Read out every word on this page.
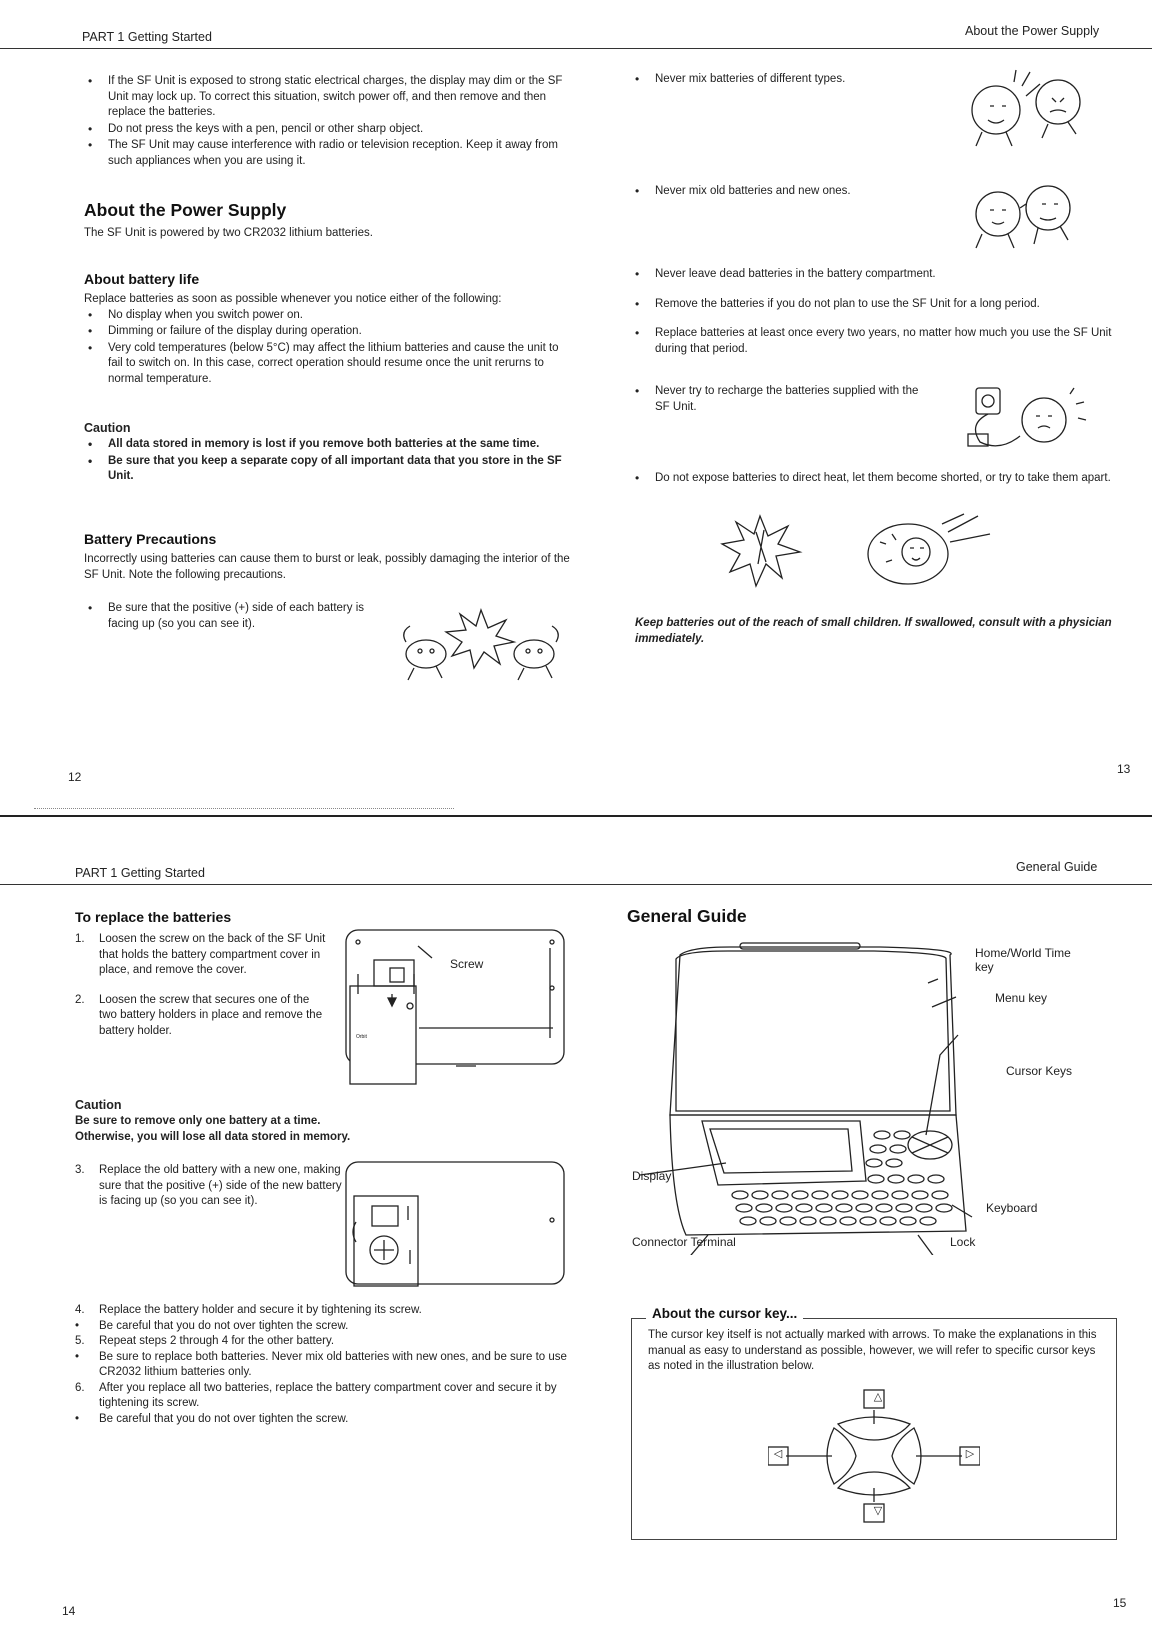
PART 1 Getting Started	About the Power Supply
• If the SF Unit is exposed to strong static electrical charges, the display may dim or the SF Unit may lock up. To correct this situation, switch power off, and then remove and then replace the batteries.
• Do not press the keys with a pen, pencil or other sharp object.
• The SF Unit may cause interference with radio or television reception. Keep it away from such appliances when you are using it.
About the Power Supply
The SF Unit is powered by two CR2032 lithium batteries.
About battery life
Replace batteries as soon as possible whenever you notice either of the following:
• No display when you switch power on.
• Dimming or failure of the display during operation.
• Very cold temperatures (below 5°C) may affect the lithium batteries and cause the unit to fail to switch on. In this case, correct operation should resume once the unit rerurns to normal temperature.
Caution
• All data stored in memory is lost if you remove both batteries at the same time.
• Be sure that you keep a separate copy of all important data that you store in the SF Unit.
Battery Precautions
Incorrectly using batteries can cause them to burst or leak, possibly damaging the interior of the SF Unit. Note the following precautions.
• Be sure that the positive (+) side of each battery is facing up (so you can see it).
12
• Never mix batteries of different types.
• Never mix old batteries and new ones.
• Never leave dead batteries in the battery compartment.
• Remove the batteries if you do not plan to use the SF Unit for a long period.
• Replace batteries at least once every two years, no matter how much you use the SF Unit during that period.
• Never try to recharge the batteries supplied with the SF Unit.
• Do not expose batteries to direct heat, let them become shorted, or try to take them apart.
Keep batteries out of the reach of small children. If swallowed, consult with a physician immediately.
13
PART 1 Getting Started	General Guide
To replace the batteries
1. Loosen the screw on the back of the SF Unit that holds the battery compartment cover in place, and remove the cover.
2. Loosen the screw that secures one of the two battery holders in place and remove the battery holder.
Orbit
Screw
Caution
Be sure to remove only one battery at a time.
Otherwise, you will lose all data stored in memory.
3. Replace the old battery with a new one, making sure that the positive (+) side of the new battery is facing up (so you can see it).
4. Replace the battery holder and secure it by tightening its screw.
• Be careful that you do not over tighten the screw.
5. Repeat steps 2 through 4 for the other battery.
• Be sure to replace both batteries. Never mix old batteries with new ones, and be sure to use CR2032 lithium batteries only.
6. After you replace all two batteries, replace the battery compartment cover and secure it by tightening its screw.
• Be careful that you do not over tighten the screw.
14
General Guide
Home/World Time key
Menu key
Cursor Keys
Display
Keyboard
Connector Terminal	Lock
About the cursor key...
The cursor key itself is not actually marked with arrows. To make the explanations in this manual as easy to understand as possible, however, we will refer to specific cursor keys as noted in the illustration below.
△
◁	▷
▽
15
